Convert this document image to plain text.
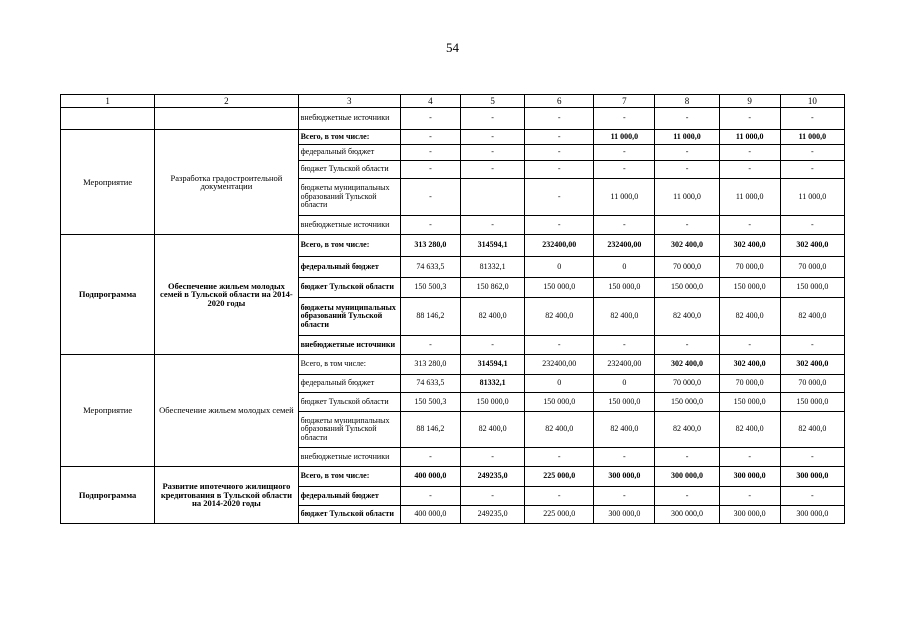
54
1	2	3	4	5	6	7	8	9	10
		внебюджетные источники	-	-	-	-	-	-	-
Мероприятие	Разработка градостроительной документации	Всего, в том числе:	-	-	-	11 000,0	11 000,0	11 000,0	11 000,0
		федеральный бюджет	-	-	-	-	-	-	-
		бюджет Тульской области	-	-	-	-	-	-	-
		бюджеты муниципальных образований Тульской области	-		-	11 000,0	11 000,0	11 000,0	11 000,0
		внебюджетные источники	-	-	-	-	-	-	-
Подпрограмма	Обеспечение жильем молодых семей в Тульской области на 2014-2020 годы	Всего, в том числе:	313 280,0	314594,1	232400,00	232400,00	302 400,0	302 400,0	302 400,0
		федеральный бюджет	74 633,5	81332,1	0	0	70 000,0	70 000,0	70 000,0
		бюджет Тульской области	150 500,3	150 862,0	150 000,0	150 000,0	150 000,0	150 000,0	150 000,0
		бюджеты муниципальных образований Тульской области	88 146,2	82 400,0	82 400,0	82 400,0	82 400,0	82 400,0	82 400,0
		внебюджетные источники	-	-	-	-	-	-	-
Мероприятие	Обеспечение жильем молодых семей	Всего, в том числе:	313 280,0	314594,1	232400,00	232400,00	302 400,0	302 400,0	302 400,0
		федеральный бюджет	74 633,5	81332,1	0	0	70 000,0	70 000,0	70 000,0
		бюджет Тульской области	150 500,3	150 000,0	150 000,0	150 000,0	150 000,0	150 000,0	150 000,0
		бюджеты муниципальных образований Тульской области	88 146,2	82 400,0	82 400,0	82 400,0	82 400,0	82 400,0	82 400,0
		внебюджетные источники	-	-	-	-	-	-	-
Подпрограмма	Развитие ипотечного жилищного кредитования в Тульской области на 2014-2020 годы	Всего, в том числе:	400 000,0	249235,0	225 000,0	300 000,0	300 000,0	300 000,0	300 000,0
		федеральный бюджет	-	-	-	-	-	-	-
		бюджет Тульской области	400 000,0	249235,0	225 000,0	300 000,0	300 000,0	300 000,0	300 000,0
